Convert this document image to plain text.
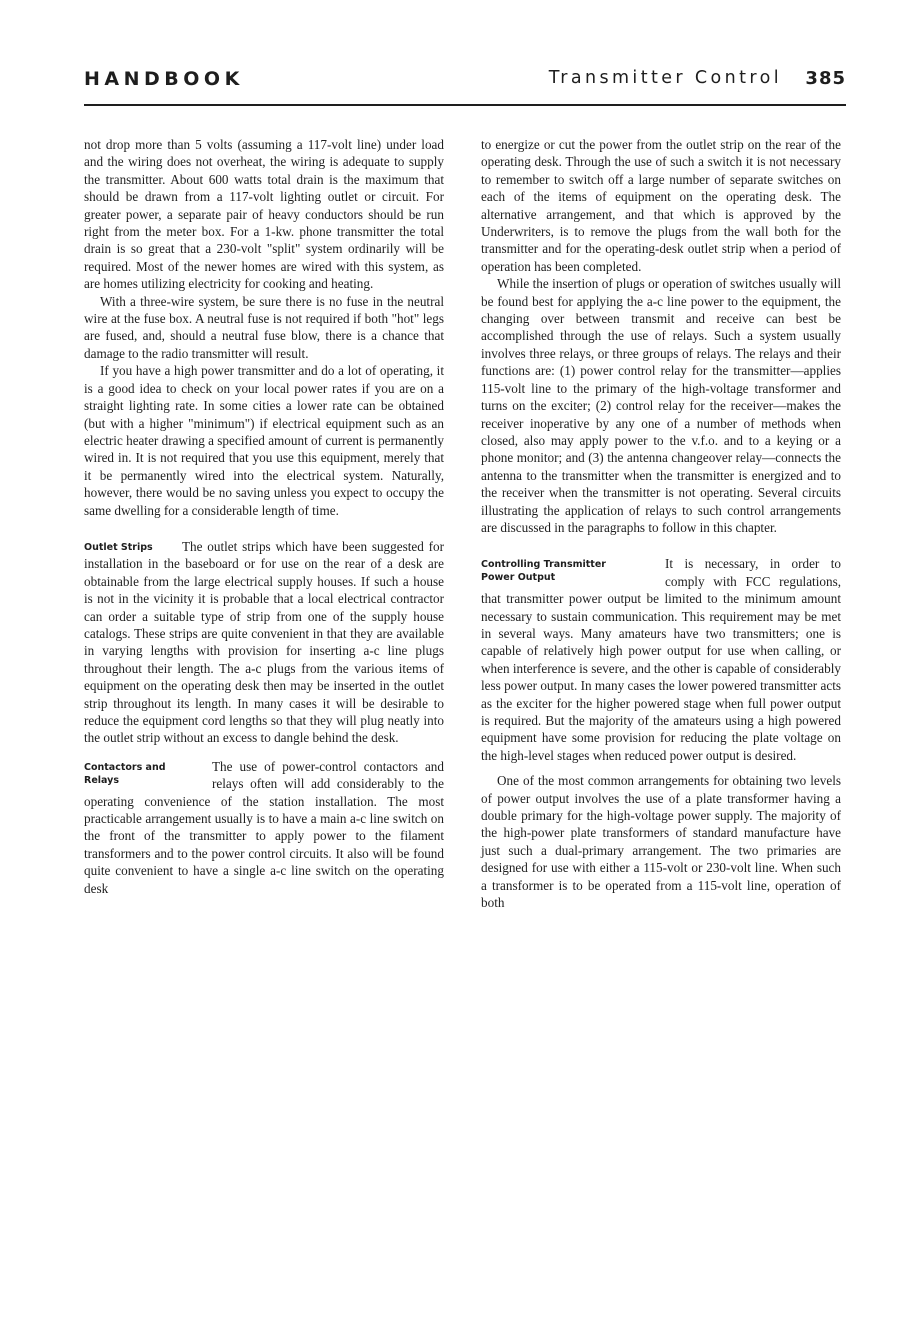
HANDBOOK	Transmitter Control 385

not drop more than 5 volts (assuming a 117-volt line) under load and the wiring does not overheat, the wiring is adequate to supply the transmitter. About 600 watts total drain is the maximum that should be drawn from a 117-volt lighting outlet or circuit. For greater power, a separate pair of heavy conductors should be run right from the meter box. For a 1-kw. phone transmitter the total drain is so great that a 230-volt "split" system ordinarily will be required. Most of the newer homes are wired with this system, as are homes utilizing electricity for cooking and heating.

With a three-wire system, be sure there is no fuse in the neutral wire at the fuse box. A neutral fuse is not required if both "hot" legs are fused, and, should a neutral fuse blow, there is a chance that damage to the radio transmitter will result.

If you have a high power transmitter and do a lot of operating, it is a good idea to check on your local power rates if you are on a straight lighting rate. In some cities a lower rate can be obtained (but with a higher "minimum") if electrical equipment such as an electric heater drawing a specified amount of current is permanently wired in. It is not required that you use this equipment, merely that it be permanently wired into the electrical system. Naturally, however, there would be no saving unless you expect to occupy the same dwelling for a considerable length of time.

Outlet Strips	The outlet strips which have been suggested for installation in the baseboard or for use on the rear of a desk are obtainable from the large electrical supply houses. If such a house is not in the vicinity it is probable that a local electrical contractor can order a suitable type of strip from one of the supply house catalogs. These strips are quite convenient in that they are available in varying lengths with provision for inserting a-c line plugs throughout their length. The a-c plugs from the various items of equipment on the operating desk then may be inserted in the outlet strip throughout its length. In many cases it will be desirable to reduce the equipment cord lengths so that they will plug neatly into the outlet strip without an excess to dangle behind the desk.

Contactors and
Relays

The use of power-control contactors and relays often will add considerably to the operating convenience of the station installation. The most practicable arrangement usually is to have a main a-c line switch on the front of the transmitter to apply power to the filament transformers and to the power control circuits. It also will be found quite convenient to have a single a-c line switch on the operating desk

to energize or cut the power from the outlet strip on the rear of the operating desk. Through the use of such a switch it is not necessary to remember to switch off a large number of separate switches on each of the items of equipment on the operating desk. The alternative arrangement, and that which is approved by the Underwriters, is to remove the plugs from the wall both for the transmitter and for the operating-desk outlet strip when a period of operation has been completed.

While the insertion of plugs or operation of switches usually will be found best for applying the a-c line power to the equipment, the changing over between transmit and receive can best be accomplished through the use of relays. Such a system usually involves three relays, or three groups of relays. The relays and their functions are: (1) power control relay for the transmitter—applies 115-volt line to the primary of the high-voltage transformer and turns on the exciter; (2) control relay for the receiver—makes the receiver inoperative by any one of a number of methods when closed, also may apply power to the v.f.o. and to a keying or a phone monitor; and (3) the antenna changeover relay—connects the antenna to the transmitter when the transmitter is energized and to the receiver when the transmitter is not operating. Several circuits illustrating the application of relays to such control arrangements are discussed in the paragraphs to follow in this chapter.

Controlling Transmitter
Power Output

It is necessary, in order to comply with FCC regulations, that transmitter power output be limited to the minimum amount necessary to sustain communication. This requirement may be met in several ways. Many amateurs have two transmitters; one is capable of relatively high power output for use when calling, or when interference is severe, and the other is capable of considerably less power output. In many cases the lower powered transmitter acts as the exciter for the higher powered stage when full power output is required. But the majority of the amateurs using a high powered equipment have some provision for reducing the plate voltage on the high-level stages when reduced power output is desired.

One of the most common arrangements for obtaining two levels of power output involves the use of a plate transformer having a double primary for the high-voltage power supply. The majority of the high-power plate transformers of standard manufacture have just such a dual-primary arrangement. The two primaries are designed for use with either a 115-volt or 230-volt line. When such a transformer is to be operated from a 115-volt line, operation of both
